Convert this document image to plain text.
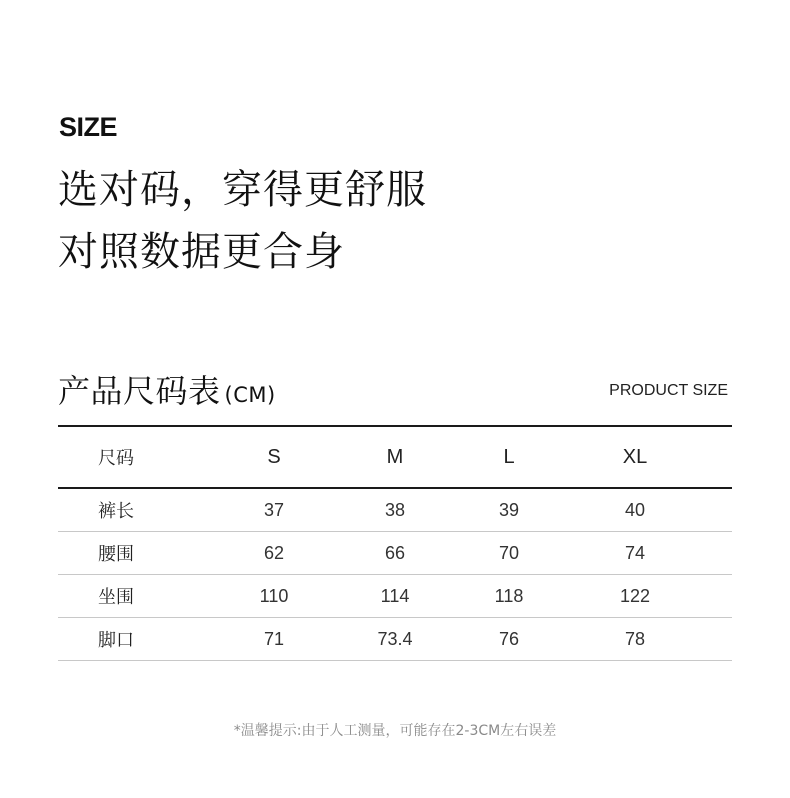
SIZE
选对码，穿得更舒服
对照数据更合身
产品尺码表 (CM)	PRODUCT SIZE
尺码	S	M	L	XL
裤长	37	38	39	40
腰围	62	66	70	74
坐围	110	114	118	122
脚口	71	73.4	76	78
*温馨提示:由于人工测量，可能存在2-3CM左右误差
